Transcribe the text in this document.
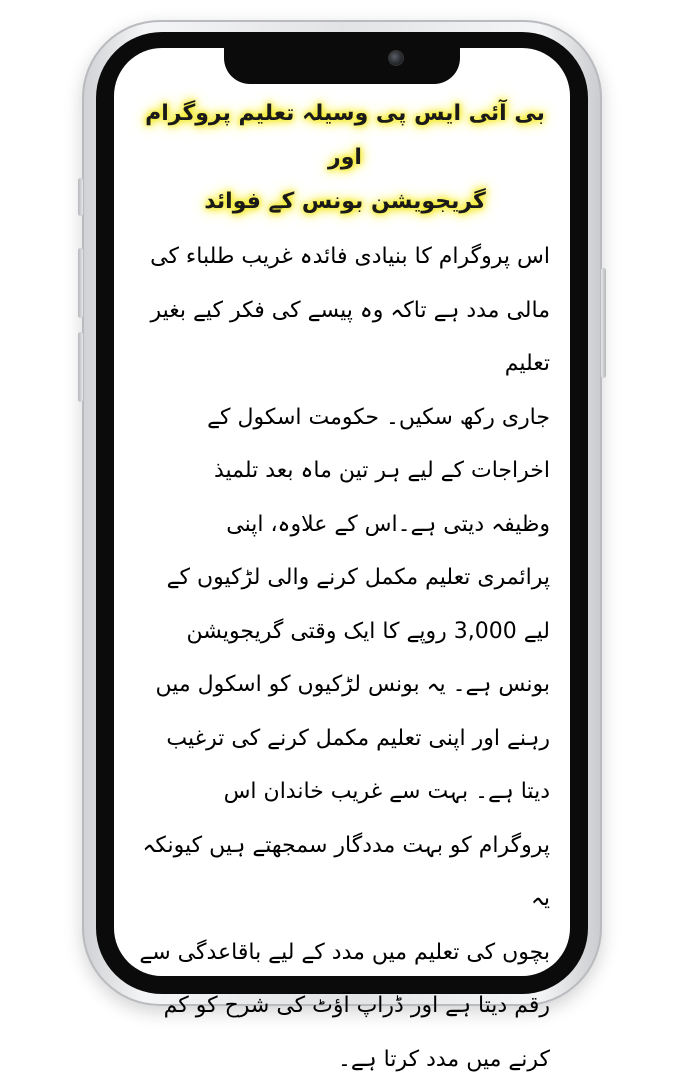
بی آئی ایس پی وسیلہ تعلیم پروگرام اور
گریجویشن بونس کے فوائد
اس پروگرام کا بنیادی فائدہ غریب طلباء کی
مالی مدد ہے تاکہ وہ پیسے کی فکر کیے بغیر تعلیم
جاری رکھ سکیں۔ حکومت اسکول کے
اخراجات کے لیے ہر تین ماہ بعد تلمیذ
وظیفہ دیتی ہے۔اس کے علاوہ، اپنی
پرائمری تعلیم مکمل کرنے والی لڑکیوں کے
لیے 3,000 روپے کا ایک وقتی گریجویشن
بونس ہے۔ یہ بونس لڑکیوں کو اسکول میں
رہنے اور اپنی تعلیم مکمل کرنے کی ترغیب
دیتا ہے۔ بہت سے غریب خاندان اس
پروگرام کو بہت مددگار سمجھتے ہیں کیونکہ یہ
بچوں کی تعلیم میں مدد کے لیے باقاعدگی سے
رقم دیتا ہے اور ڈراپ آؤٹ کی شرح کو کم
کرنے میں مدد کرتا ہے۔
